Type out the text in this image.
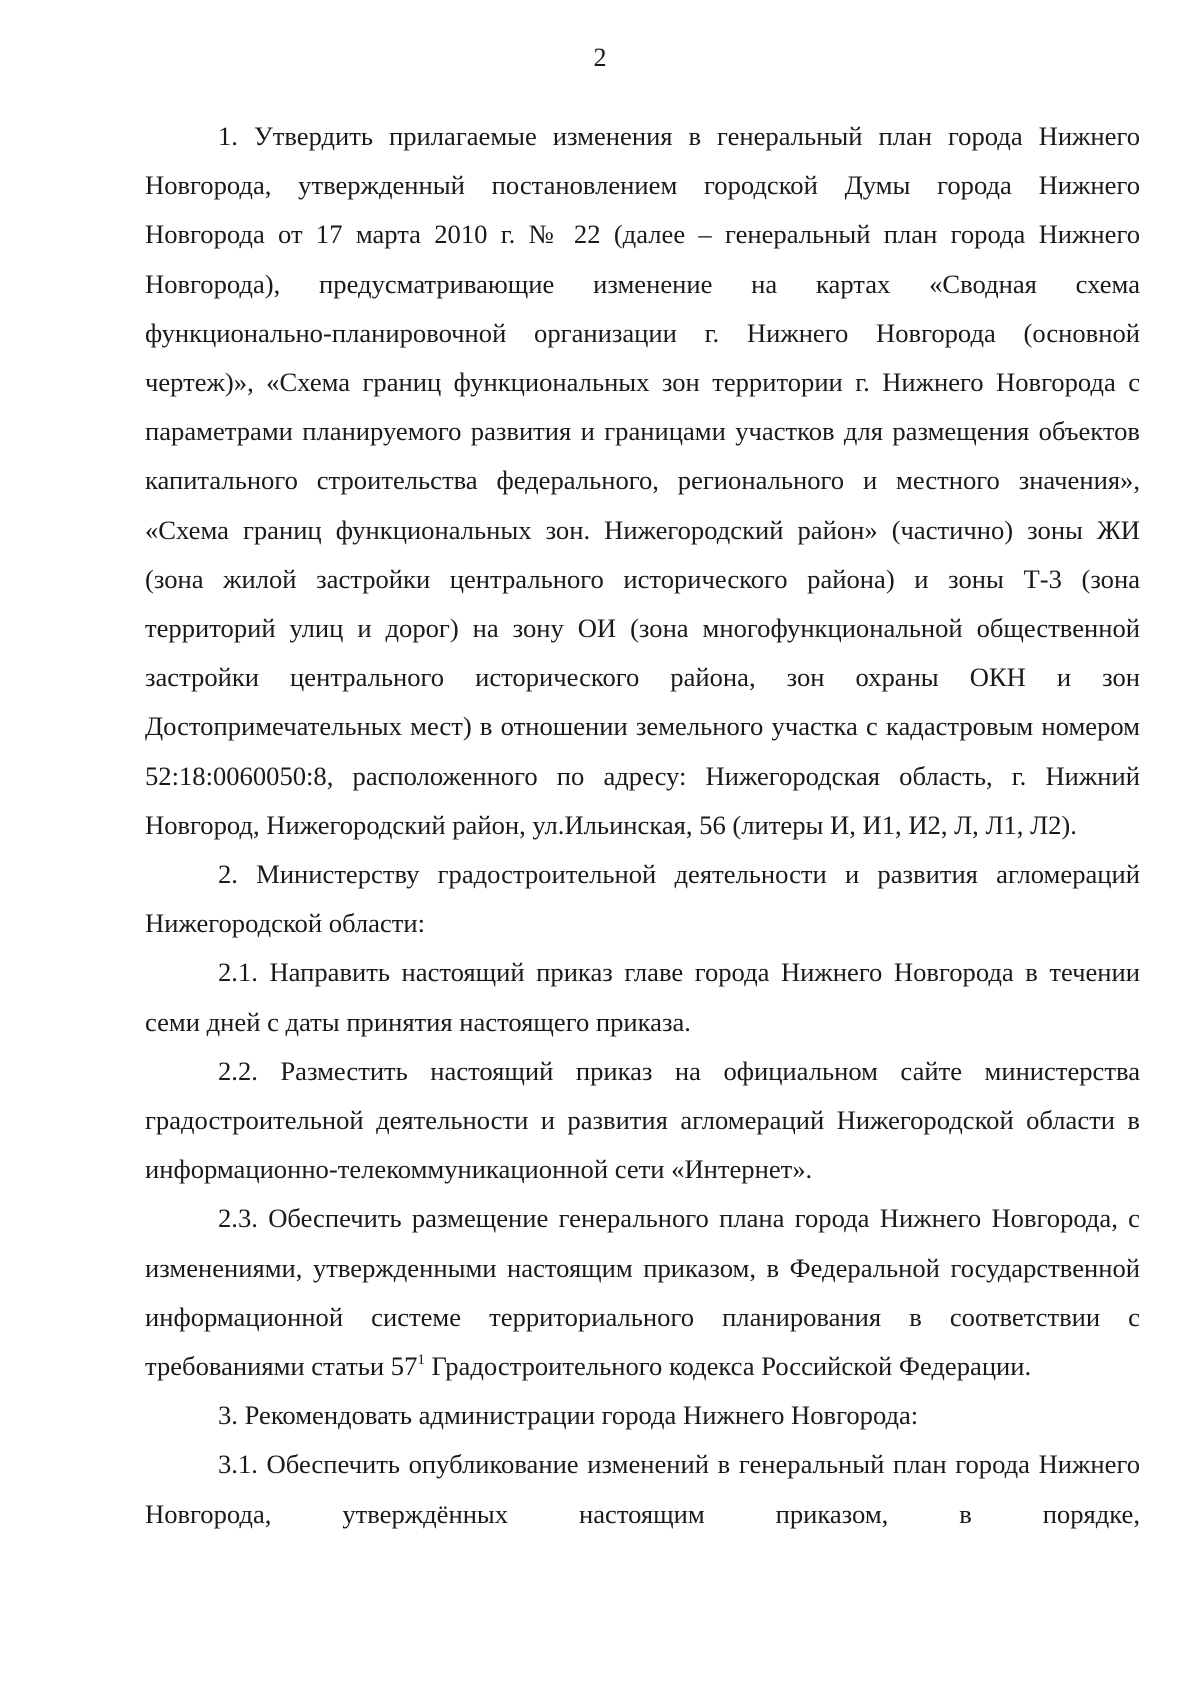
2

1. Утвердить прилагаемые изменения в генеральный план города Нижнего Новгорода, утвержденный постановлением городской Думы города Нижнего Новгорода от 17 марта 2010 г. № 22 (далее – генеральный план города Нижнего Новгорода), предусматривающие изменение на картах «Сводная схема функционально-планировочной организации г. Нижнего Новгорода (основной чертеж)», «Схема границ функциональных зон территории г. Нижнего Новгорода с параметрами планируемого развития и границами участков для размещения объектов капитального строительства федерального, регионального и местного значения», «Схема границ функциональных зон. Нижегородский район» (частично) зоны ЖИ (зона жилой застройки центрального исторического района) и зоны Т-3 (зона территорий улиц и дорог) на зону ОИ (зона многофункциональной общественной застройки центрального исторического района, зон охраны ОКН и зон Достопримечательных мест) в отношении земельного участка с кадастровым номером 52:18:0060050:8, расположенного по адресу: Нижегородская область, г. Нижний Новгород, Нижегородский район, ул.Ильинская, 56 (литеры И, И1, И2, Л, Л1, Л2).

2. Министерству градостроительной деятельности и развития агломераций Нижегородской области:

2.1. Направить настоящий приказ главе города Нижнего Новгорода в течении семи дней с даты принятия настоящего приказа.

2.2. Разместить настоящий приказ на официальном сайте министерства градостроительной деятельности и развития агломераций Нижегородской области в информационно-телекоммуникационной сети «Интернет».

2.3. Обеспечить размещение генерального плана города Нижнего Новгорода, с изменениями, утвержденными настоящим приказом, в Федеральной государственной информационной системе территориального планирования в соответствии с требованиями статьи $57^1$ Градостроительного кодекса Российской Федерации.

3. Рекомендовать администрации города Нижнего Новгорода:

3.1. Обеспечить опубликование изменений в генеральный план города Нижнего Новгорода, утверждённых настоящим приказом, в порядке,
